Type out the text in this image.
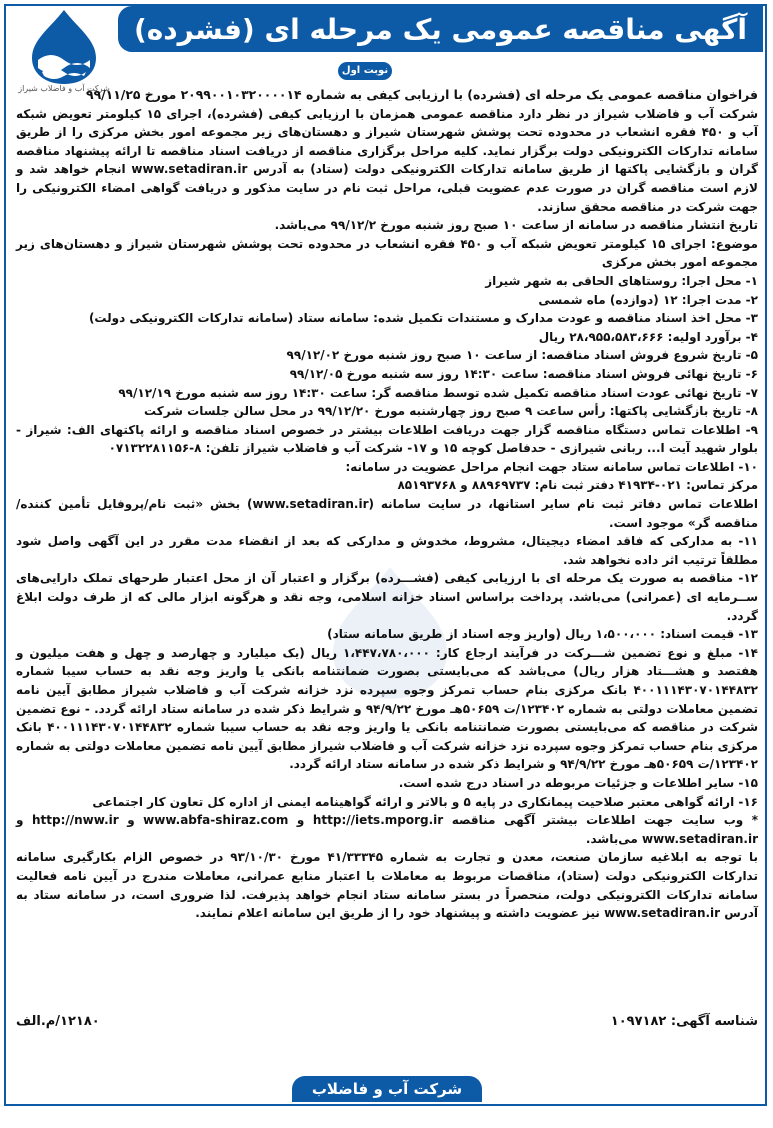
آگهی مناقصه عمومی یک مرحله ای (فشرده)
شرکت آب و فاضلاب شیراز
نوبت اول

فراخوان مناقصه عمومی یک مرحله ای (فشرده) با ارزیابی کیفی به شماره ۲۰۹۹۰۰۱۰۳۲۰۰۰۰۱۴ مورخ ۹۹/۱۱/۲۵

شرکت آب و فاضلاب شیراز در نظر دارد مناقصه عمومی همزمان با ارزیابی کیفی (فشرده)، اجرای ۱۵ کیلومتر تعویض شبکه آب و ۴۵۰ فقره انشعاب در محدوده تحت پوشش شهرستان شیراز و دهستان‌های زیر مجموعه امور بخش مرکزی را از طریق سامانه تدارکات الکترونیکی دولت برگزار نماید. کلیه مراحل برگزاری مناقصه از دریافت اسناد مناقصه تا ارائه پیشنهاد مناقصه گران و بازگشایی پاکتها از طریق سامانه تدارکات الکترونیکی دولت (ستاد) به آدرس www.setadiran.ir انجام خواهد شد و لازم است مناقصه گران در صورت عدم عضویت قبلی، مراحل ثبت نام در سایت مذکور و دریافت گواهی امضاء الکترونیکی را جهت شرکت در مناقصه محقق سازند.

تاریخ انتشار مناقصه در سامانه از ساعت ۱۰ صبح روز شنبه مورخ ۹۹/۱۲/۲ می‌باشد.

موضوع: اجرای ۱۵ کیلومتر تعویض شبکه آب و ۴۵۰ فقره انشعاب در محدوده تحت پوشش شهرستان شیراز و دهستان‌های زیر مجموعه امور بخش مرکزی

۱- محل اجرا: روستاهای الحاقی به شهر شیراز

۲- مدت اجرا: ۱۲ (دوازده) ماه شمسی

۳- محل اخذ اسناد مناقصه و عودت مدارک و مستندات تکمیل شده: سامانه ستاد (سامانه تدارکات الکترونیکی دولت)

۴- برآورد اولیه: ۲۸،۹۵۵،۵۸۳،۶۶۶ ریال

۵- تاریخ شروع فروش اسناد مناقصه: از ساعت ۱۰ صبح روز شنبه مورخ ۹۹/۱۲/۰۲

۶- تاریخ نهائی فروش اسناد مناقصه: ساعت ۱۴:۳۰ روز سه شنبه مورخ ۹۹/۱۲/۰۵

۷- تاریخ نهائی عودت اسناد مناقصه تکمیل شده توسط مناقصه گر: ساعت ۱۴:۳۰ روز سه شنبه مورخ ۹۹/۱۲/۱۹

۸- تاریخ بازگشایی پاکتها: رأس ساعت ۹ صبح روز چهارشنبه مورخ ۹۹/۱۲/۲۰ در محل سالن جلسات شرکت

۹- اطلاعات تماس دستگاه مناقصه گزار جهت دریافت اطلاعات بیشتر در خصوص اسناد مناقصه و ارائه پاکتهای الف: شیراز - بلوار شهید آیت ا... ربانی شیرازی - حدفاصل کوچه ۱۵ و ۱۷- شرکت آب و فاضلاب شیراز تلفن: ۸-۰۷۱۳۲۲۸۱۱۵۶

۱۰- اطلاعات تماس سامانه ستاد جهت انجام مراحل عضویت در سامانه:

مرکز تماس: ۰۲۱-۴۱۹۳۴ دفتر ثبت نام: ۸۸۹۶۹۷۳۷ و ۸۵۱۹۳۷۶۸

اطلاعات تماس دفاتر ثبت نام سایر استانها، در سایت سامانه (www.setadiran.ir) بخش «ثبت نام/پروفایل تأمین کننده/مناقصه گر» موجود است.

۱۱- به مدارکی که فاقد امضاء دیجیتال، مشروط، مخدوش و مدارکی که بعد از انقضاء مدت مقرر در این آگهی واصل شود مطلقاً ترتیب اثر داده نخواهد شد.

۱۲- مناقصه به صورت یک مرحله ای با ارزیابی کیفی (فشـــرده) برگزار و اعتبار آن از محل اعتبار طرحهای تملک دارایی‌های ســرمایه ای (عمرانی) می‌باشد. پرداخت براساس اسناد خزانه اسلامی، وجه نقد و هرگونه ابزار مالی که از طرف دولت ابلاغ گردد.

۱۳- قیمت اسناد: ۱،۵۰۰،۰۰۰ ریال (واریز وجه اسناد از طریق سامانه ستاد)

۱۴- مبلغ و نوع تضمین شـــرکت در فرآیند ارجاع کار: ۱،۴۴۷،۷۸۰،۰۰۰ ریال (یک میلیارد و چهارصد و چهل و هفت میلیون و هفتصد و هشـــتاد هزار ریال) می‌باشد که می‌بایستی بصورت ضمانتنامه بانکی یا واریز وجه نقد به حساب سیبا شماره ۴۰۰۱۱۱۴۳۰۷۰۱۴۴۸۳۲ بانک مرکزی بنام حساب تمرکز وجوه سپرده نزد خزانه شرکت آب و فاضلاب شیراز مطابق آیین نامه تضمین معاملات دولتی به شماره ۱۲۳۴۰۲/ت ۵۰۶۵۹هـ مورخ ۹۴/۹/۲۲ و شرایط ذکر شده در سامانه ستاد ارائه گردد. - نوع تضمین شرکت در مناقصه که می‌بایستی بصورت ضمانتنامه بانکی یا واریز وجه نقد به حساب سیبا شماره ۴۰۰۱۱۱۴۳۰۷۰۱۴۴۸۳۲ بانک مرکزی بنام حساب تمرکز وجوه سپرده نزد خزانه شرکت آب و فاضلاب شیراز مطابق آیین نامه تضمین معاملات دولتی به شماره ۱۲۳۴۰۲/ت ۵۰۶۵۹هـ مورخ ۹۴/۹/۲۲ و شرایط ذکر شده در سامانه ستاد ارائه گردد.

۱۵- سایر اطلاعات و جزئیات مربوطه در اسناد درج شده است.

۱۶- ارائه گواهی معتبر صلاحیت پیمانکاری در پایه ۵ و بالاتر و ارائه گواهینامه ایمنی از اداره کل تعاون کار اجتماعی

* وب سایت جهت اطلاعات بیشتر آگهی مناقصه http://iets.mporg.ir و www.abfa-shiraz.com و http://nww.ir و www.setadiran.ir می‌باشد.

با توجه به ابلاغیه سازمان صنعت، معدن و تجارت به شماره ۴۱/۳۳۳۴۵ مورخ ۹۳/۱۰/۳۰ در خصوص الزام بکارگیری سامانه تدارکات الکترونیکی دولت (ستاد)، مناقصات مربوط به معاملات با اعتبار منابع عمرانی، معاملات مندرج در آیین نامه فعالیت سامانه تدارکات الکترونیکی دولت، منحصراً در بستر سامانه ستاد انجام خواهد پذیرفت. لذا ضروری است، در سامانه ستاد به آدرس www.setadiran.ir نیز عضویت داشته و پیشنهاد خود را از طریق این سامانه اعلام نمایند.

شناسه آگهی: ۱۰۹۷۱۸۲
۱۲۱۸۰/م.الف
شرکت آب و فاضلاب شیراز
